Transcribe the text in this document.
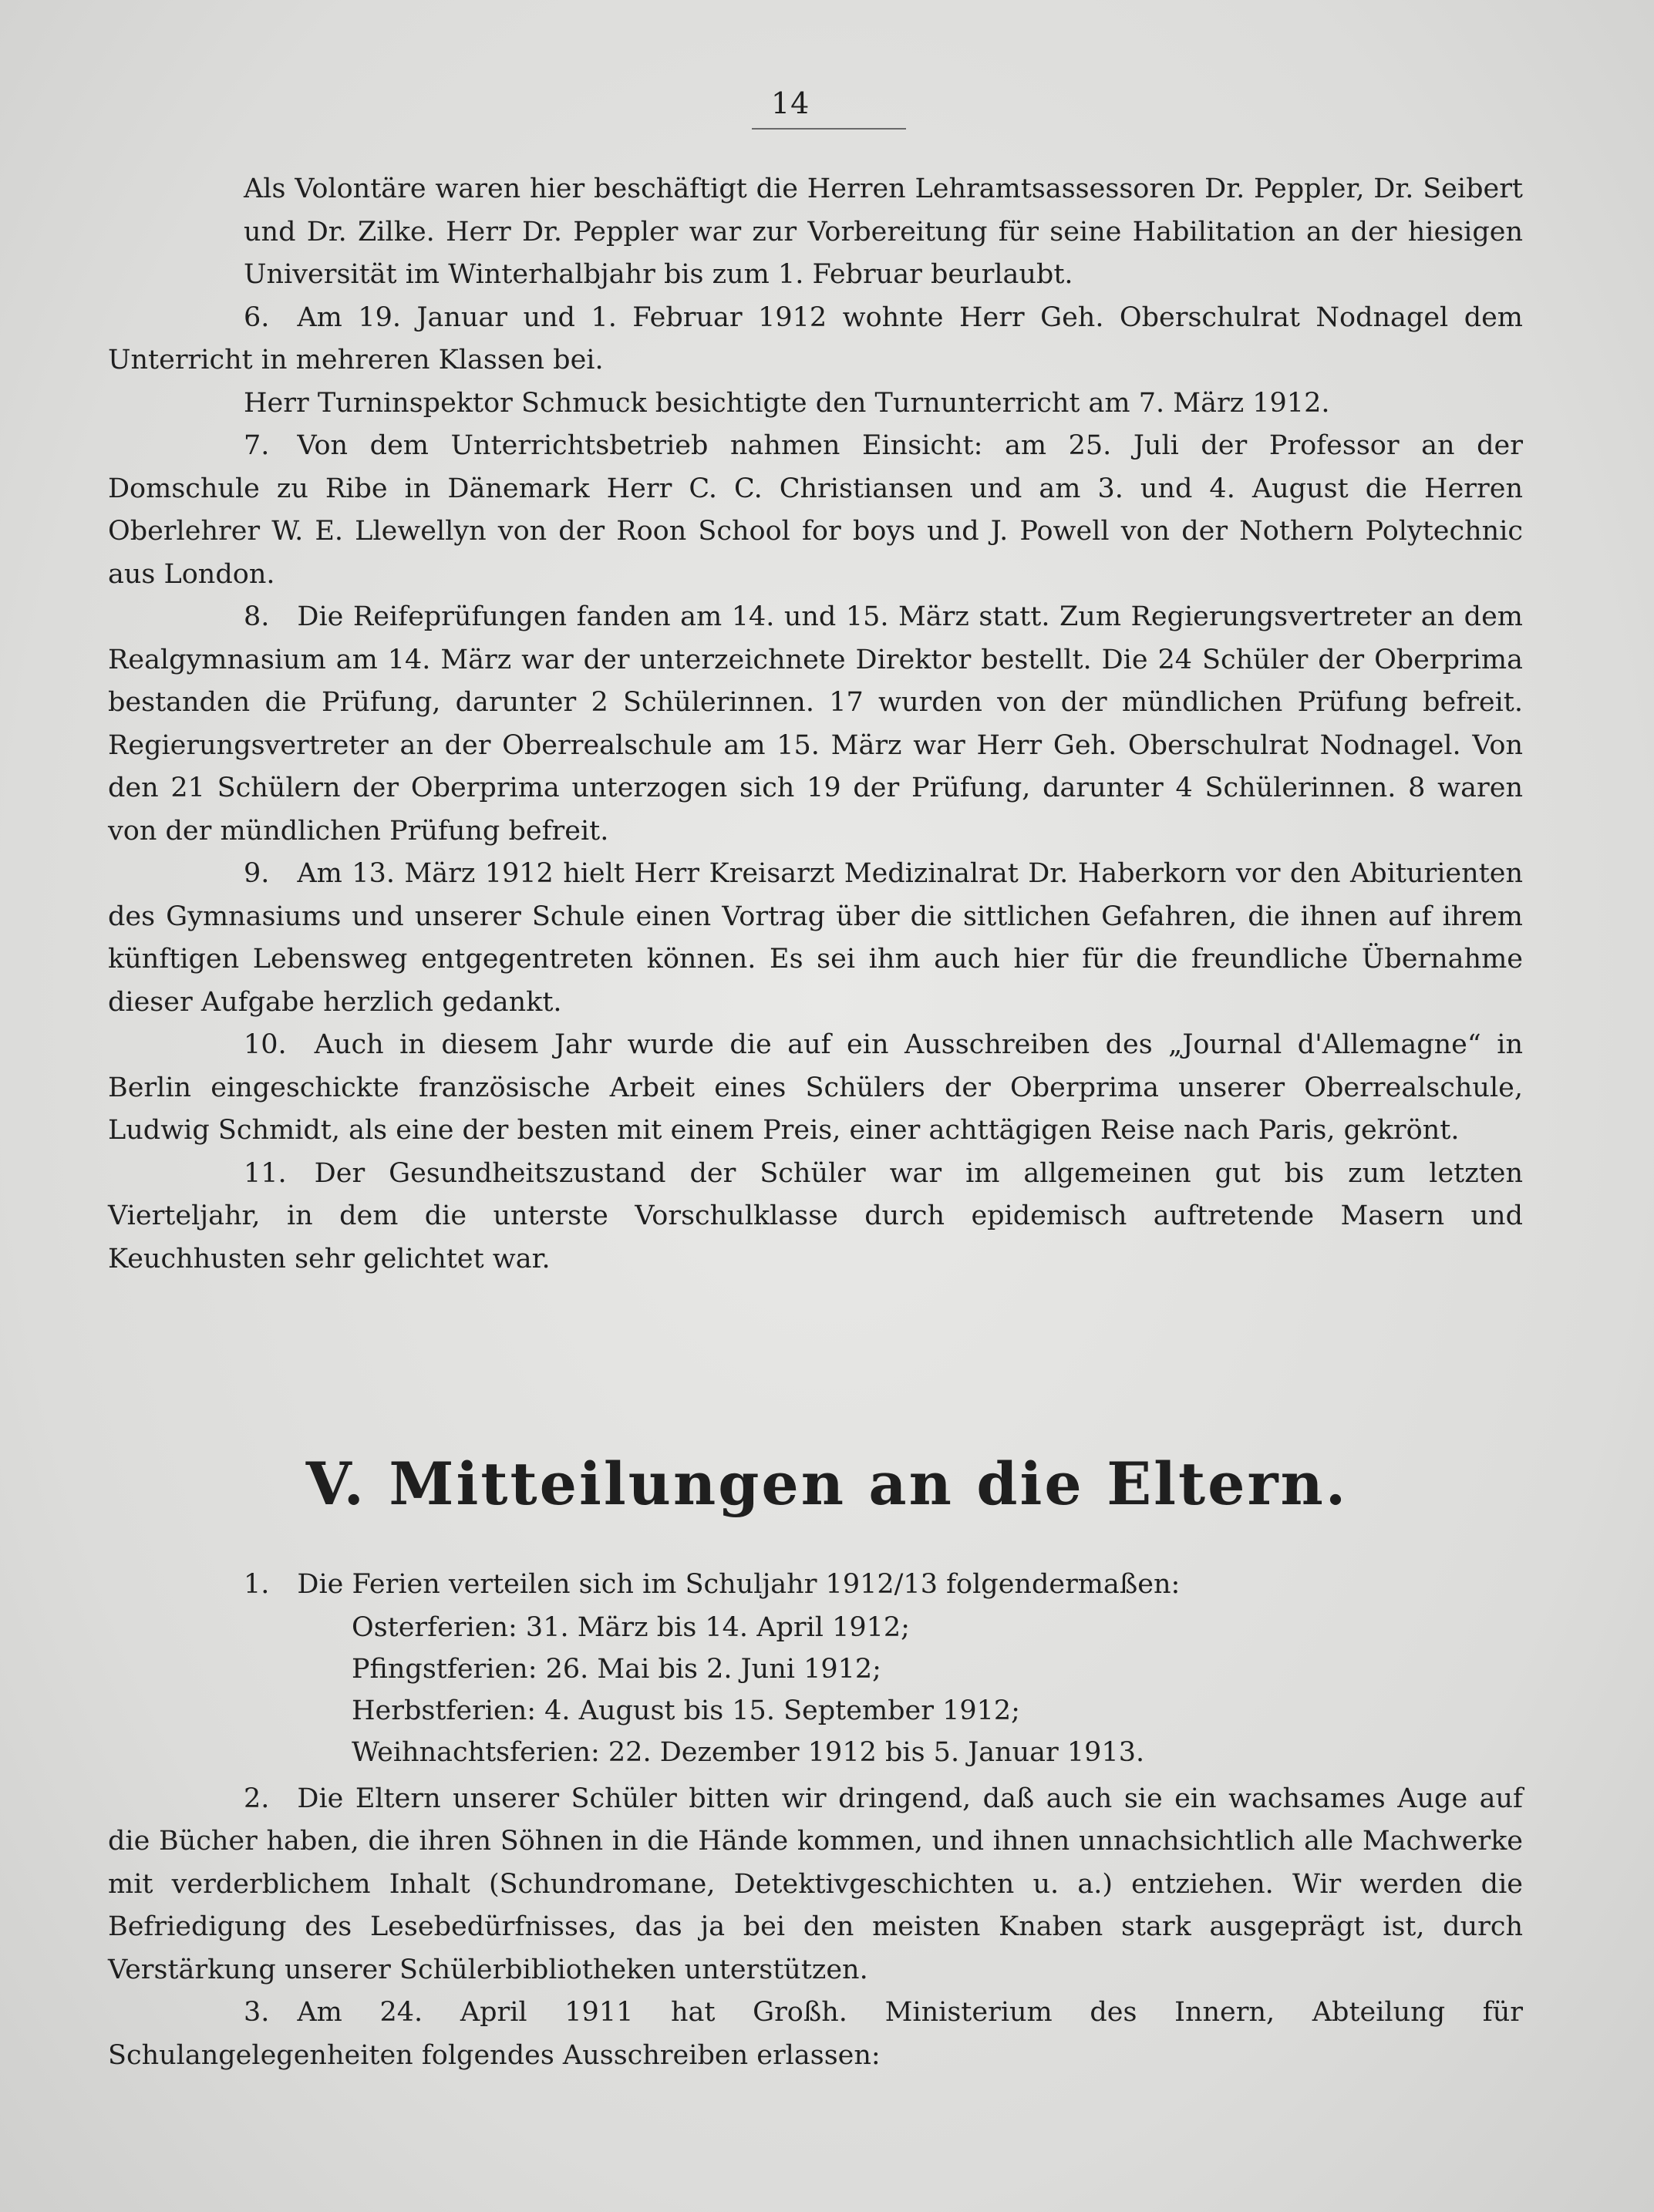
14

Als Volontäre waren hier beschäftigt die Herren Lehramtsassessoren Dr. Peppler, Dr. Seibert und Dr. Zilke. Herr Dr. Peppler war zur Vorbereitung für seine Habilitation an der hiesigen Universität im Winterhalbjahr bis zum 1. Februar beurlaubt.

6. Am 19. Januar und 1. Februar 1912 wohnte Herr Geh. Oberschulrat Nodnagel dem Unterricht in mehreren Klassen bei.

Herr Turninspektor Schmuck besichtigte den Turnunterricht am 7. März 1912.

7. Von dem Unterrichtsbetrieb nahmen Einsicht: am 25. Juli der Professor an der Domschule zu Ribe in Dänemark Herr C. C. Christiansen und am 3. und 4. August die Herren Oberlehrer W. E. Llewellyn von der Roon School for boys und J. Powell von der Nothern Polytechnic aus London.

8. Die Reifeprüfungen fanden am 14. und 15. März statt. Zum Regierungsvertreter an dem Realgymnasium am 14. März war der unterzeichnete Direktor bestellt. Die 24 Schüler der Oberprima bestanden die Prüfung, darunter 2 Schülerinnen. 17 wurden von der mündlichen Prüfung befreit. Regierungsvertreter an der Oberrealschule am 15. März war Herr Geh. Oberschulrat Nodnagel. Von den 21 Schülern der Oberprima unterzogen sich 19 der Prüfung, darunter 4 Schülerinnen. 8 waren von der mündlichen Prüfung befreit.

9. Am 13. März 1912 hielt Herr Kreisarzt Medizinalrat Dr. Haberkorn vor den Abiturienten des Gymnasiums und unserer Schule einen Vortrag über die sittlichen Gefahren, die ihnen auf ihrem künftigen Lebensweg entgegentreten können. Es sei ihm auch hier für die freundliche Übernahme dieser Aufgabe herzlich gedankt.

10. Auch in diesem Jahr wurde die auf ein Ausschreiben des „Journal d'Allemagne“ in Berlin eingeschickte französische Arbeit eines Schülers der Oberprima unserer Oberrealschule, Ludwig Schmidt, als eine der besten mit einem Preis, einer achttägigen Reise nach Paris, gekrönt.

11. Der Gesundheitszustand der Schüler war im allgemeinen gut bis zum letzten Vierteljahr, in dem die unterste Vorschulklasse durch epidemisch auftretende Masern und Keuchhusten sehr gelichtet war.

V. Mitteilungen an die Eltern.

1. Die Ferien verteilen sich im Schuljahr 1912/13 folgendermaßen:

Osterferien: 31. März bis 14. April 1912;
Pfingstferien: 26. Mai bis 2. Juni 1912;
Herbstferien: 4. August bis 15. September 1912;
Weihnachtsferien: 22. Dezember 1912 bis 5. Januar 1913.

2. Die Eltern unserer Schüler bitten wir dringend, daß auch sie ein wachsames Auge auf die Bücher haben, die ihren Söhnen in die Hände kommen, und ihnen unnachsichtlich alle Machwerke mit verderblichem Inhalt (Schundromane, Detektivgeschichten u. a.) entziehen. Wir werden die Befriedigung des Lesebedürfnisses, das ja bei den meisten Knaben stark ausgeprägt ist, durch Verstärkung unserer Schülerbibliotheken unterstützen.

3. Am 24. April 1911 hat Großh. Ministerium des Innern, Abteilung für Schulangelegenheiten folgendes Ausschreiben erlassen:
